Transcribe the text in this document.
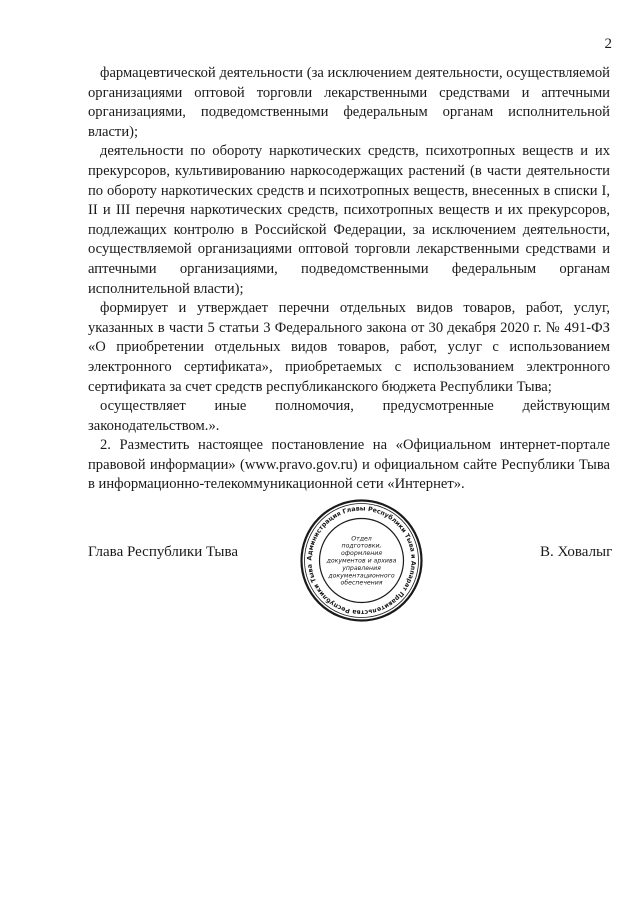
2

фармацевтической деятельности (за исключением деятельности, осуществляемой организациями оптовой торговли лекарственными средствами и аптечными организациями, подведомственными федеральным органам исполнительной власти);

деятельности по обороту наркотических средств, психотропных веществ и их прекурсоров, культивированию наркосодержащих растений (в части деятельности по обороту наркотических средств и психотропных веществ, внесенных в списки I, II и III перечня наркотических средств, психотропных веществ и их прекурсоров, подлежащих контролю в Российской Федерации, за исключением деятельности, осуществляемой организациями оптовой торговли лекарственными средствами и аптечными организациями, подведомственными федеральным органам исполнительной власти);

формирует и утверждает перечни отдельных видов товаров, работ, услуг, указанных в части 5 статьи 3 Федерального закона от 30 декабря 2020 г. № 491-ФЗ «О приобретении отдельных видов товаров, работ, услуг с использованием электронного сертификата», приобретаемых с использованием электронного сертификата за счет средств республиканского бюджета Республики Тыва;

осуществляет иные полномочия, предусмотренные действующим законодательством.».

2. Разместить настоящее постановление на «Официальном интернет-портале правовой информации» (www.pravo.gov.ru) и официальном сайте Республики Тыва в информационно-телекоммуникационной сети «Интернет».

Глава Республики Тыва	В. Ховалыг
Администрация Главы Республики Тыва и Аппарат Правительства Республики Тыва
Отдел
подготовки,
оформления
документов и архива
управления
документационного
обеспечения
